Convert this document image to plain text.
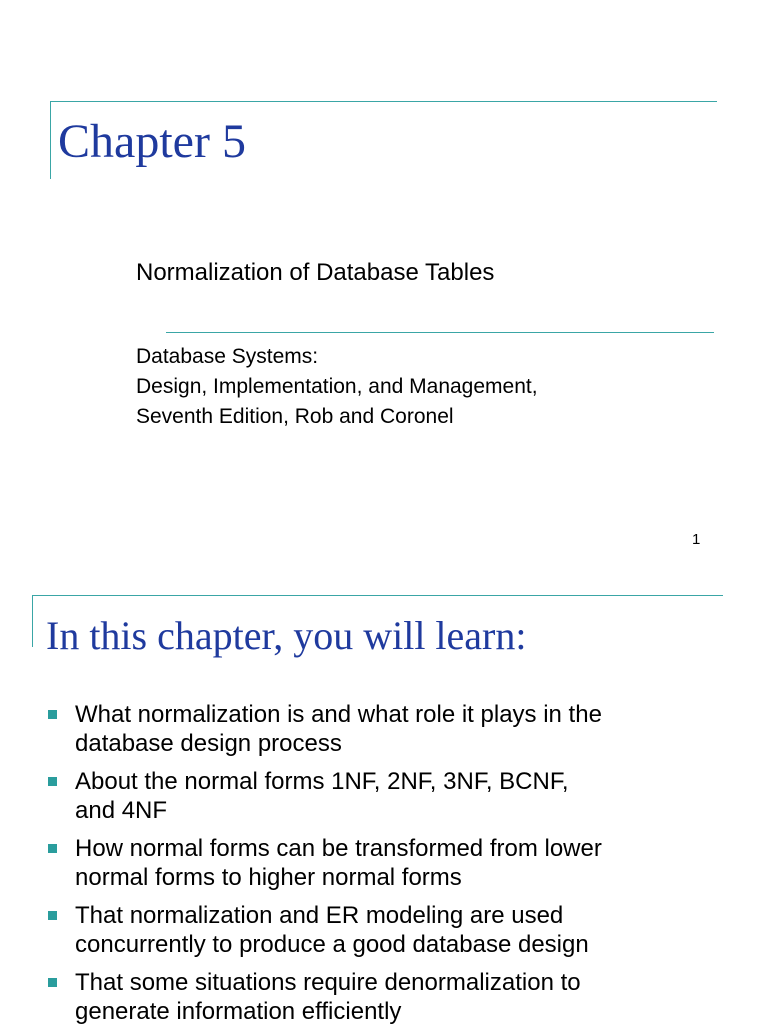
Chapter 5
Normalization of Database Tables
Database Systems:
Design, Implementation, and Management,
Seventh Edition, Rob and Coronel
1
In this chapter, you will learn:
What normalization is and what role it plays in the
database design process
About the normal forms 1NF, 2NF, 3NF, BCNF,
and 4NF
How normal forms can be transformed from lower
normal forms to higher normal forms
That normalization and ER modeling are used
concurrently to produce a good database design
That some situations require denormalization to
generate information efficiently
